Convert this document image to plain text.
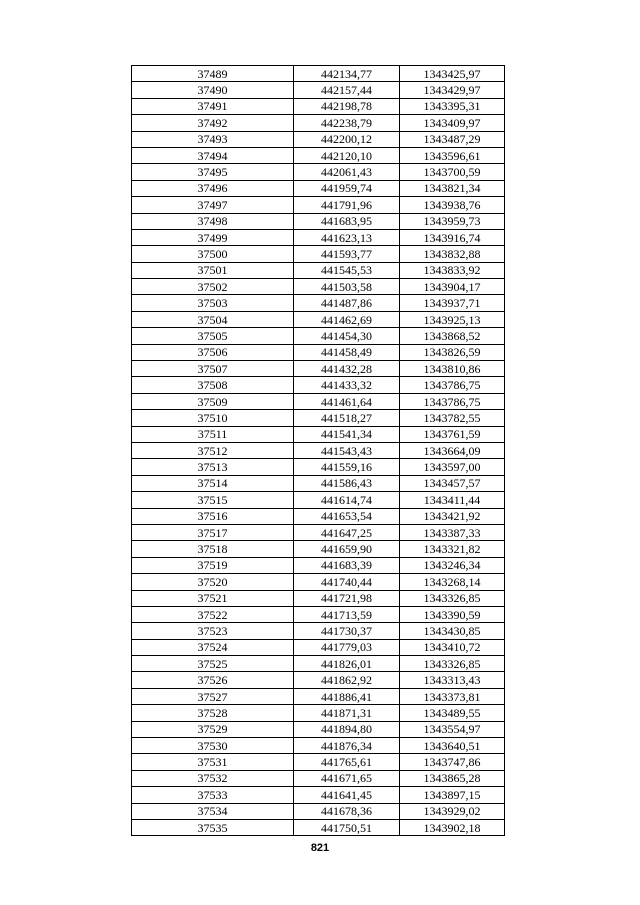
37489	442134,77	1343425,97
37490	442157,44	1343429,97
37491	442198,78	1343395,31
37492	442238,79	1343409,97
37493	442200,12	1343487,29
37494	442120,10	1343596,61
37495	442061,43	1343700,59
37496	441959,74	1343821,34
37497	441791,96	1343938,76
37498	441683,95	1343959,73
37499	441623,13	1343916,74
37500	441593,77	1343832,88
37501	441545,53	1343833,92
37502	441503,58	1343904,17
37503	441487,86	1343937,71
37504	441462,69	1343925,13
37505	441454,30	1343868,52
37506	441458,49	1343826,59
37507	441432,28	1343810,86
37508	441433,32	1343786,75
37509	441461,64	1343786,75
37510	441518,27	1343782,55
37511	441541,34	1343761,59
37512	441543,43	1343664,09
37513	441559,16	1343597,00
37514	441586,43	1343457,57
37515	441614,74	1343411,44
37516	441653,54	1343421,92
37517	441647,25	1343387,33
37518	441659,90	1343321,82
37519	441683,39	1343246,34
37520	441740,44	1343268,14
37521	441721,98	1343326,85
37522	441713,59	1343390,59
37523	441730,37	1343430,85
37524	441779,03	1343410,72
37525	441826,01	1343326,85
37526	441862,92	1343313,43
37527	441886,41	1343373,81
37528	441871,31	1343489,55
37529	441894,80	1343554,97
37530	441876,34	1343640,51
37531	441765,61	1343747,86
37532	441671,65	1343865,28
37533	441641,45	1343897,15
37534	441678,36	1343929,02
37535	441750,51	1343902,18
821
